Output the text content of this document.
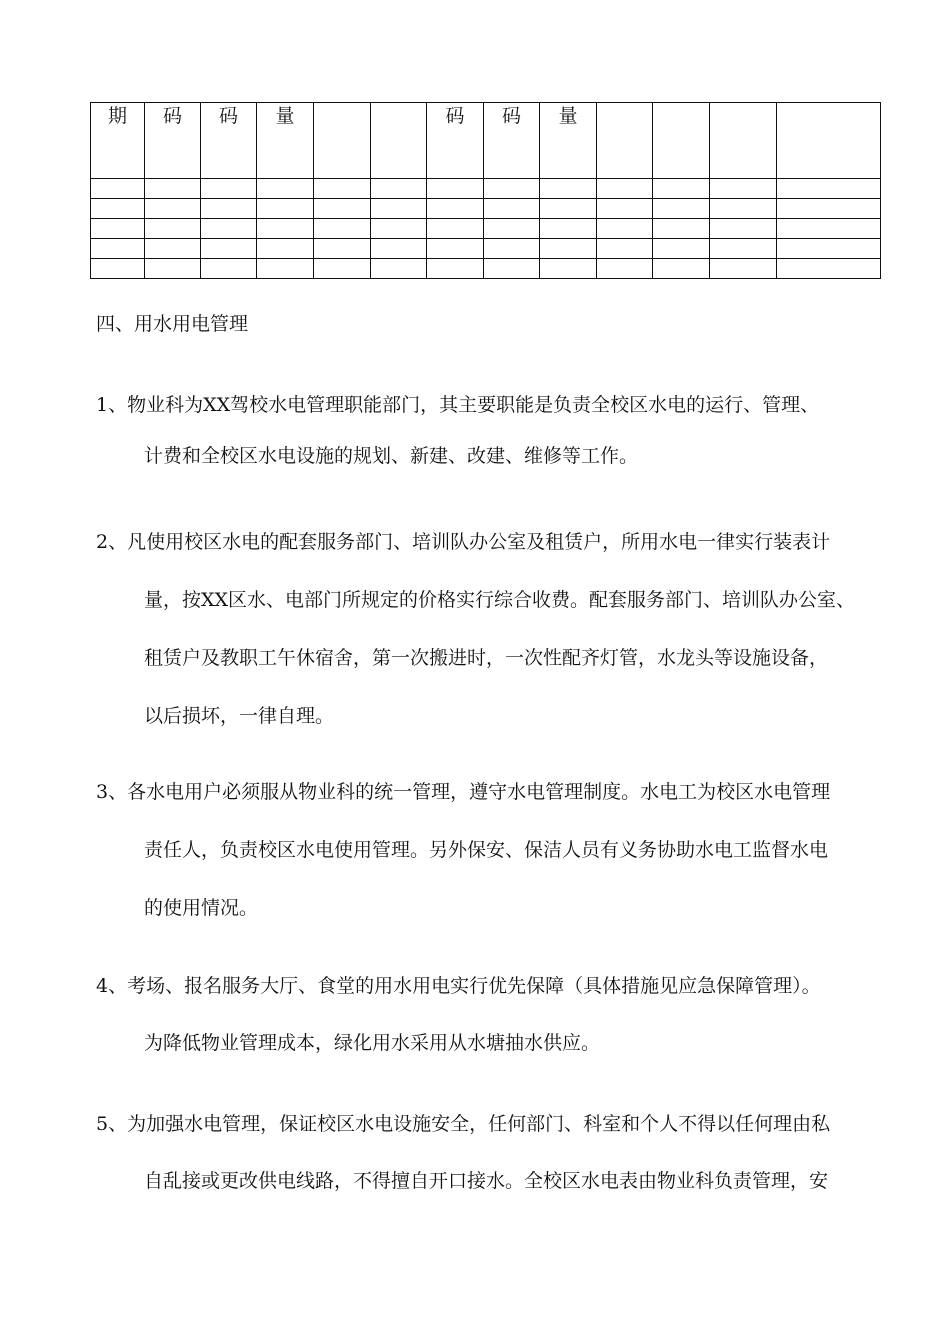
期	码	码	量			码	码	量				

四、用水用电管理
1、物业科为XX驾校水电管理职能部门，其主要职能是负责全校区水电的运行、管理、
计费和全校区水电设施的规划、新建、改建、维修等工作。
2、凡使用校区水电的配套服务部门、培训队办公室及租赁户，所用水电一律实行装表计
量，按XX区水、电部门所规定的价格实行综合收费。配套服务部门、培训队办公室、
租赁户及教职工午休宿舍，第一次搬进时，一次性配齐灯管，水龙头等设施设备，
以后损坏，一律自理。
3、各水电用户必须服从物业科的统一管理，遵守水电管理制度。水电工为校区水电管理
责任人，负责校区水电使用管理。另外保安、保洁人员有义务协助水电工监督水电
的使用情况。
4、考场、报名服务大厅、食堂的用水用电实行优先保障（具体措施见应急保障管理）。
为降低物业管理成本，绿化用水采用从水塘抽水供应。
5、为加强水电管理，保证校区水电设施安全，任何部门、科室和个人不得以任何理由私
自乱接或更改供电线路，不得擅自开口接水。全校区水电表由物业科负责管理，安
